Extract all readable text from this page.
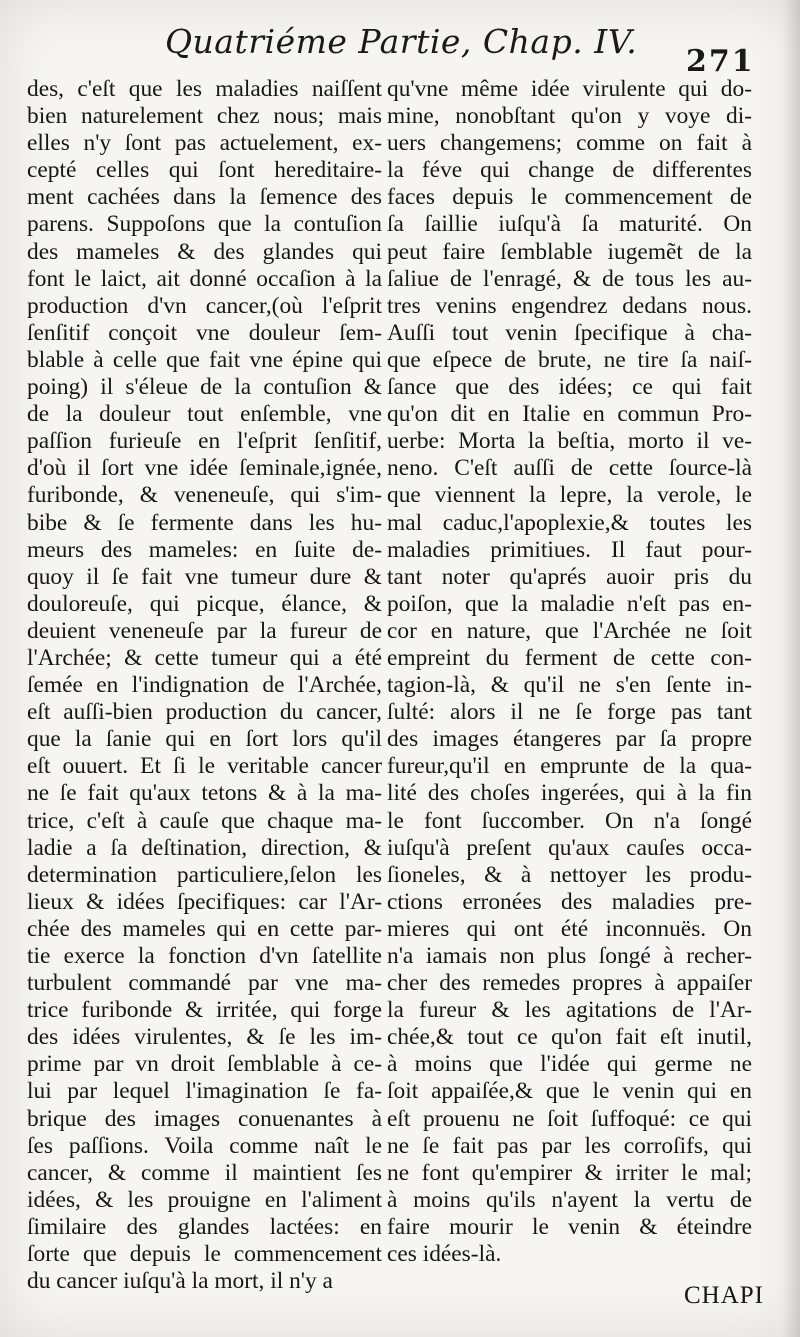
Quatriéme Partie, Chap. IV.
271
des, c'eſt que les maladies naiſſent
bien naturelement chez nous; mais
elles n'y ſont pas actuelement, ex-
cepté celles qui ſont hereditaire-
ment cachées dans la ſemence des
parens. Suppoſons que la contuſion
des mameles & des glandes qui
font le laict, ait donné occaſion à la
production d'vn cancer,(où l'eſprit
ſenſitif conçoit vne douleur ſem-
blable à celle que fait vne épine qui
poing) il s'éleue de la contuſion &
de la douleur tout enſemble, vne
paſſion furieuſe en l'eſprit ſenſitif,
d'où il ſort vne idée ſeminale,ignée,
furibonde, & veneneuſe, qui s'im-
bibe & ſe fermente dans les hu-
meurs des mameles: en ſuite de-
quoy il ſe fait vne tumeur dure &
douloreuſe, qui picque, élance, &
deuient veneneuſe par la fureur de
l'Archée; & cette tumeur qui a été
ſemée en l'indignation de l'Archée,
eſt auſſi-bien production du cancer,
que la ſanie qui en ſort lors qu'il
eſt ouuert. Et ſi le veritable cancer
ne ſe fait qu'aux tetons & à la ma-
trice, c'eſt à cauſe que chaque ma-
ladie a ſa deſtination, direction, &
determination particuliere,ſelon les
lieux & idées ſpecifiques: car l'Ar-
chée des mameles qui en cette par-
tie exerce la fonction d'vn ſatellite
turbulent commandé par vne ma-
trice furibonde & irritée, qui forge
des idées virulentes, & ſe les im-
prime par vn droit ſemblable à ce-
lui par lequel l'imagination ſe fa-
brique des images conuenantes à
ſes paſſions. Voila comme naît le
cancer, & comme il maintient ſes
idées, & les prouigne en l'aliment
ſimilaire des glandes lactées: en
ſorte que depuis le commencement
du cancer iuſqu'à la mort, il n'y a
qu'vne même idée virulente qui do-
mine, nonobſtant qu'on y voye di-
uers changemens; comme on fait à
la féve qui change de differentes
faces depuis le commencement de
ſa ſaillie iuſqu'à ſa maturité. On
peut faire ſemblable iugemẽt de la
ſaliue de l'enragé, & de tous les au-
tres venins engendrez dedans nous.
Auſſi tout venin ſpecifique à cha-
que eſpece de brute, ne tire ſa naiſ-
ſance que des idées; ce qui fait
qu'on dit en Italie en commun Pro-
uerbe: Morta la beſtia, morto il ve-
neno. C'eſt auſſi de cette ſource-là
que viennent la lepre, la verole, le
mal caduc,l'apoplexie,& toutes les
maladies primitiues. Il faut pour-
tant noter qu'aprés auoir pris du
poiſon, que la maladie n'eſt pas en-
cor en nature, que l'Archée ne ſoit
empreint du ferment de cette con-
tagion-là, & qu'il ne s'en ſente in-
ſulté: alors il ne ſe forge pas tant
des images étangeres par ſa propre
fureur,qu'il en emprunte de la qua-
lité des choſes ingerées, qui à la fin
le font ſuccomber. On n'a ſongé
iuſqu'à preſent qu'aux cauſes occa-
ſioneles, & à nettoyer les produ-
ctions erronées des maladies pre-
mieres qui ont été inconnuës. On
n'a iamais non plus ſongé à recher-
cher des remedes propres à appaiſer
la fureur & les agitations de l'Ar-
chée,& tout ce qu'on fait eſt inutil,
à moins que l'idée qui germe ne
ſoit appaiſée,& que le venin qui en
eſt prouenu ne ſoit ſuffoqué: ce qui
ne ſe fait pas par les corroſifs, qui
ne font qu'empirer & irriter le mal;
à moins qu'ils n'ayent la vertu de
faire mourir le venin & éteindre
ces idées-là.
CHAPI
